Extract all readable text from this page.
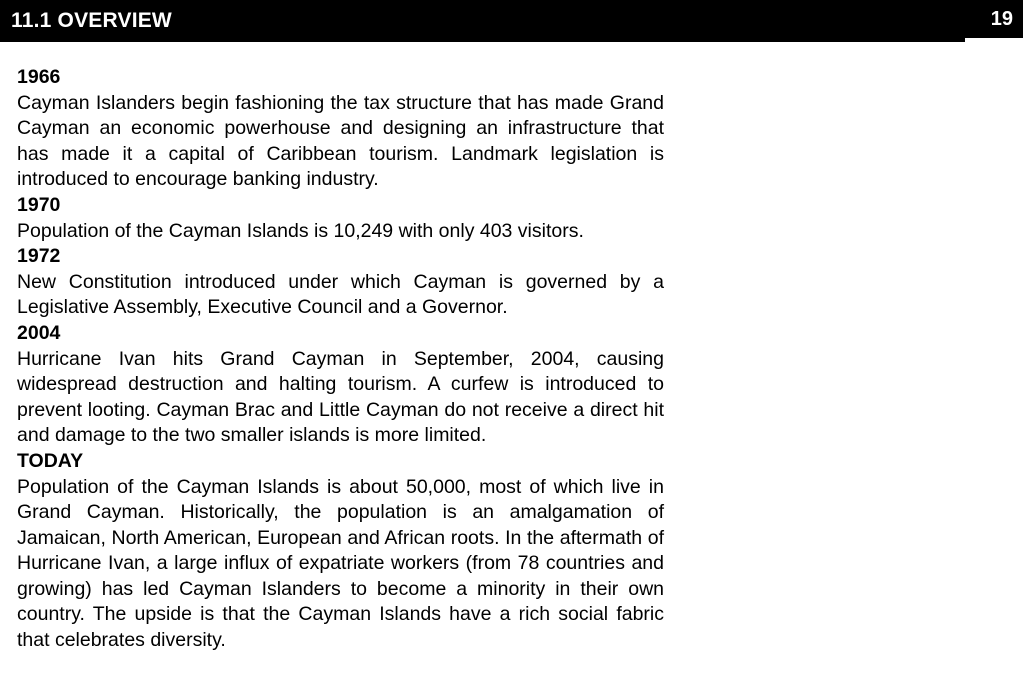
11.1 OVERVIEW	19

1966

Cayman Islanders begin fashioning the tax structure that has made Grand Cayman an economic powerhouse and designing an infrastructure that has made it a capital of Caribbean tourism. Landmark legislation is introduced to encourage banking industry.

1970

Population of the Cayman Islands is 10,249 with only 403 visitors.

1972

New Constitution introduced under which Cayman is governed by a Legislative Assembly, Executive Council and a Governor.

2004

Hurricane Ivan hits Grand Cayman in September, 2004, causing widespread destruction and halting tourism. A curfew is introduced to prevent looting. Cayman Brac and Little Cayman do not receive a direct hit and damage to the two smaller islands is more limited.

TODAY

Population of the Cayman Islands is about 50,000, most of which live in Grand Cayman. Historically, the population is an amalgamation of Jamaican, North American, European and African roots. In the aftermath of Hurricane Ivan, a large influx of expatriate workers (from 78 countries and growing) has led Cayman Islanders to become a minority in their own country. The upside is that the Cayman Islands have a rich social fabric that celebrates diversity.
